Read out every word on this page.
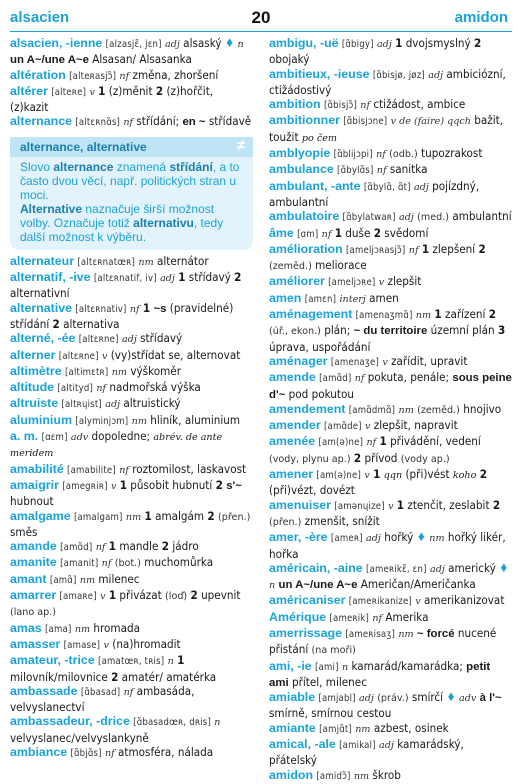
alsacien	20	amidon

alsacien, -ienne [alzasjɛ̃, jɛn] adj alsaský ♦ n un A~/une A~e Alsasan/ Alsasanka

altération [alteʀasjɔ̃] nf změna, zhoršení

altérer [alteʀe] v 1 (z)měnit 2 (z)hořčit, (z)kazit

alternance [altɛʀnɑ̃s] nf střídání; en ~ střídavě

alternance, alternative	≠
Slovo alternance znamená střídání, a to často dvou věcí, např. politických stran u moci.
Alternative naznačuje širší možnost volby. Označuje totiž alternativu, tedy další možnost k výběru.

alternateur [altɛʀnatœʀ] nm alternátor

alternatif, -ive [altɛʀnatif, iv] adj 1 střídavý 2 alternativní

alternative [altɛʀnativ] nf 1 ~s (pravidelné) střídání 2 alternativa

alterné, -ée [altɛʀne] adj střídavý

alterner [altɛʀne] v (vy)střídat se, alternovat

altimètre [altimɛtʀ] nm výškoměr

altitude [altityd] nf nadmořská výška

altruiste [altʀɥist] adj altruistický

aluminium [alyminjɔm] nm hliník, aluminium

a. m. [ɑɛm] adv dopoledne; abrév. de ante meridem

amabilité [amabilite] nf roztomilost, laskavost

amaigrir [amegʀiʀ] v 1 působit hubnutí 2 s'~ hubnout

amalgame [amalgam] nm 1 amalgám 2 (přen.) směs

amande [amɑ̃d] nf 1 mandle 2 jádro

amanite [amanit] nf (bot.) muchomůrka

amant [amɑ̃] nm milenec

amarrer [amaʀe] v 1 přivázat (loď) 2 upevnit (lano ap.)

amas [ama] nm hromada

amasser [amase] v (na)hromadit

amateur, -trice [amatœʀ, tʀis] n 1 milovník/milovnice 2 amatér/ amatérka

ambassade [ɑ̃basad] nf ambasáda, velvyslanectví

ambassadeur, -drice [ɑ̃basadœʀ, dʀis] n velvyslanec/velvyslankyně

ambiance [ɑ̃bjɑ̃s] nf atmosféra, nálada

ambigu, -uë [ɑ̃bigy] adj 1 dvojsmyslný 2 obojaký

ambitieux, -ieuse [ɑ̃bisjø, jøz] adj ambiciózní, ctižádostivý

ambition [ɑ̃bisjɔ̃] nf ctižádost, ambice

ambitionner [ɑ̃bisjɔne] v de (faire) qqch bažit, toužit po čem

amblyopie [ɑ̃blijɔpi] nf (odb.) tupozrakost

ambulance [ɑ̃bylɑ̃s] nf sanitka

ambulant, -ante [ɑ̃bylɑ̃, ɑ̃t] adj pojízdný, ambulantní

ambulatoire [ɑ̃bylatwaʀ] adj (med.) ambulantní

âme [ɑm] nf 1 duše 2 svědomí

amélioration [ameljɔʀasjɔ̃] nf 1 zlepšení 2 (zeměd.) meliorace

améliorer [ameljɔʀe] v zlepšit

amen [amɛn] interj amen

aménagement [amenaʒmɑ̃] nm 1 zařízení 2 (úř., ekon.) plán; ~ du territoire územní plán 3 úprava, uspořádání

aménager [amenaʒe] v zařídit, upravit

amende [amɑ̃d] nf pokuta, penále; sous peine d'~ pod pokutou

amendement [amɑ̃dmɑ̃] nm (zeměd.) hnojivo

amender [amɑ̃de] v zlepšit, napravit

amenée [am(ə)ne] nf 1 přivádění, vedení (vody, plynu ap.) 2 přívod (vody ap.)

amener [am(ə)ne] v 1 qqn (při)vést koho 2 (při)vézt, dovézt

amenuiser [amənɥize] v 1 ztenčit, zeslabit 2 (přen.) zmenšit, snížit

amer, -ère [ameʀ] adj hořký ♦ nm hořký likér, hořka

américain, -aine [ameʀikɛ̃, ɛn] adj americký ♦ n un A~/une A~e Američan/Američanka

américaniser [ameʀikanize] v amerikanizovat

Amérique [ameʀik] nf Amerika

amerrissage [ameʀisaʒ] nm ~ forcé nucené přistání (na moři)

ami, -ie [ami] n kamarád/kamarádka; petit ami přítel, milenec

amiable [amjabl] adj (práv.) smírčí ♦ adv à l'~ smírně, smírnou cestou

amiante [amjɑ̃t] nm azbest, osinek

amical, -ale [amikal] adj kamarádský, přátelský

amidon [amidɔ̃] nm škrob
